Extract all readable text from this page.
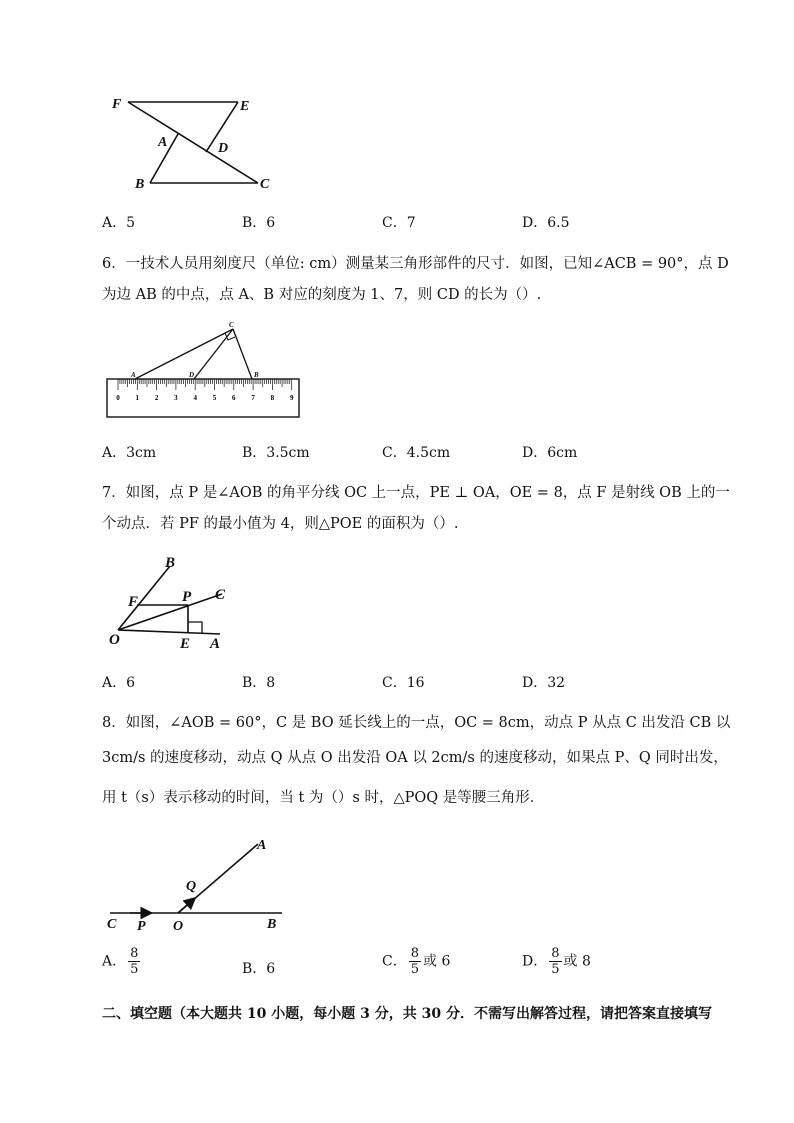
F	E
A	D
B	C
A．5	B．6	C．7	D．6.5
6．一技术人员用刻度尺（单位: cm）测量某三角形部件的尺寸．如图，已知∠ACB = 90°，点 D
为边 AB 的中点，点 A、B 对应的刻度为 1、7，则 CD 的长为（）.
0 1 2 3 4 5 6 7 8 9
A	D	B
C
A．3cm	B．3.5cm	C．4.5cm	D．6cm
7．如图，点 P 是∠AOB 的角平分线 OC 上一点，PE ⊥ OA，OE = 8，点 F 是射线 OB 上的一
个动点．若 PF 的最小值为 4，则△POE 的面积为（）.
B
F	P C
O	E A
A．6	B．8	C．16	D．32
8．如图，∠AOB = 60°，C 是 BO 延长线上的一点，OC = 8cm，动点 P 从点 C 出发沿 CB 以
3cm/s 的速度移动，动点 Q 从点 O 出发沿 OA 以 2cm/s 的速度移动，如果点 P、Q 同时出发，
用 t（s）表示移动的时间，当 t 为（）s 时，△POQ 是等腰三角形．
A
Q
C P O	B
A． $\frac{8}{5}$	B．6	C． $\frac{8}{5}$ 或 6	D． $\frac{8}{5}$ 或 8
二、填空题（本大题共 10 小题，每小题 3 分，共 30 分．不需写出解答过程，请把答案直接填写
